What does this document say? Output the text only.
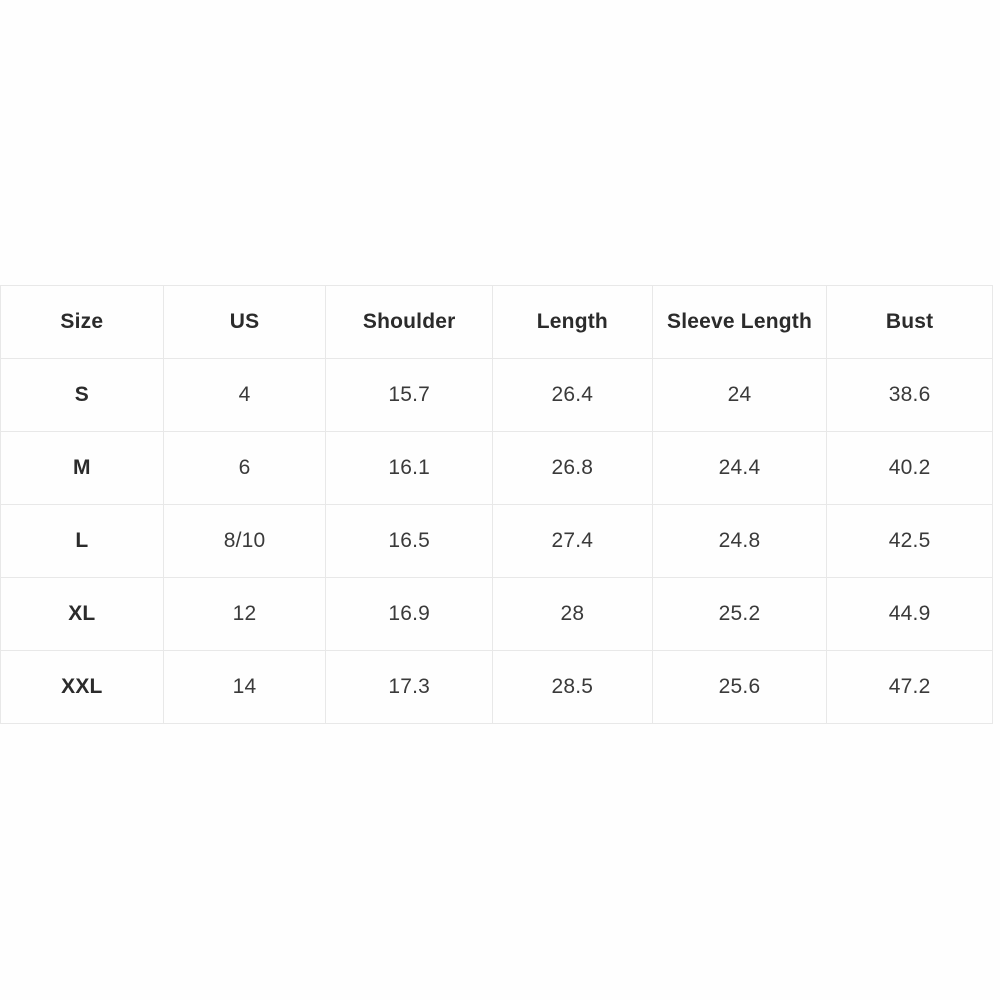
Size	US	Shoulder	Length	Sleeve Length	Bust
S	4	15.7	26.4	24	38.6
M	6	16.1	26.8	24.4	40.2
L	8/10	16.5	27.4	24.8	42.5
XL	12	16.9	28	25.2	44.9
XXL	14	17.3	28.5	25.6	47.2
